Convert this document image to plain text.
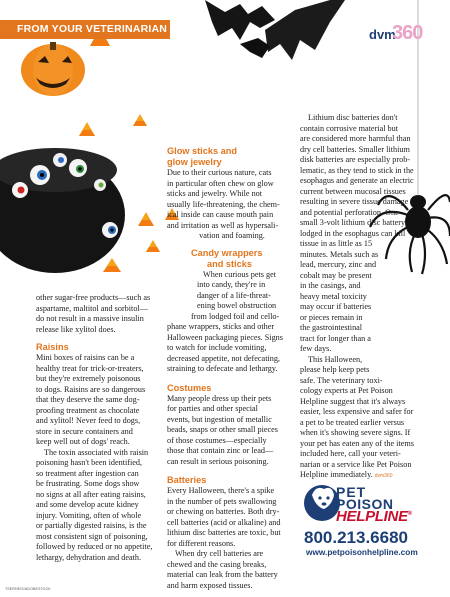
FROM YOUR VETERINARIAN	dvm
360

other sugar-free products—such as

aspartame, maltitol and sorbitol—

do not result in a massive insulin

release like xylitol does.

Raisins

Mini boxes of raisins can be a

healthy treat for trick-or-treaters,

but they're extremely poisonous

to dogs. Raisins are so dangerous

that they deserve the same dog-

proofing treatment as chocolate

and xylitol! Never feed to dogs,

store in secure containers and

keep well out of dogs' reach.

The toxin associated with raisin

poisoning hasn't been identified,

so treatment after ingestion can

be frustrating. Some dogs show

no signs at all after eating raisins,

and some develop acute kidney

injury. Vomiting, often of whole

or partially digested raisins, is the

most consistent sign of poisoning,

followed by reduced or no appetite,

lethargy, dehydration and death.

Glow sticks and

glow jewelry

Due to their curious nature, cats

in particular often chew on glow

sticks and jewelry. While not

usually life-threatening, the chem-

ical inside can cause mouth pain

and irritation as well as hypersali-

vation and foaming.

Candy wrappers

and sticks

When curious pets get

into candy, they're in

danger of a life-threat-

ening bowel obstruction

from lodged foil and cello-

phane wrappers, sticks and other

Halloween packaging pieces. Signs

to watch for include vomiting,

decreased appetite, not defecating,

straining to defecate and lethargy.

Costumes

Many people dress up their pets

for parties and other special

events, but ingestion of metallic

beads, snaps or other small pieces

of those costumes—especially

those that contain zinc or lead—

can result in serious poisoning.

Batteries

Every Halloween, there's a spike

in the number of pets swallowing

or chewing on batteries. Both dry-

cell batteries (acid or alkaline) and

lithium disc batteries are toxic, but

for different reasons.

When dry cell batteries are

chewed and the casing breaks,

material can leak from the battery

and harm exposed tissues.

Lithium disc batteries don't

contain corrosive material but

are considered more harmful than

dry cell batteries. Smaller lithium

disk batteries are especially prob-

lematic, as they tend to stick in the

esophagus and generate an electric

current between mucosal tissues

resulting in severe tissue damage

and potential perforation. One

small 3-volt lithium disc battery

lodged in the esophagus can kill

tissue in as little as 15

minutes. Metals such as

lead, mercury, zinc and

cobalt may be present

in the casings, and

heavy metal toxicity

may occur if batteries

or pieces remain in

the gastrointestinal

tract for longer than a

few days.

This Halloween,

please help keep pets

safe. The veterinary toxi-

cology experts at Pet Poison

Helpline suggest that it's always

easier, less expensive and safer for

a pet to be treated earlier versus

when it's showing severe signs. If

your pet has eaten any of the items

included here, call your veteri-

narian or a service like Pet Poison

Helpline immediately. dvm360

PET
POISON
HELPLINE®
800.213.6680
www.petpoisonhelpline.com
TSERHEIS/ADOBESTOCK
